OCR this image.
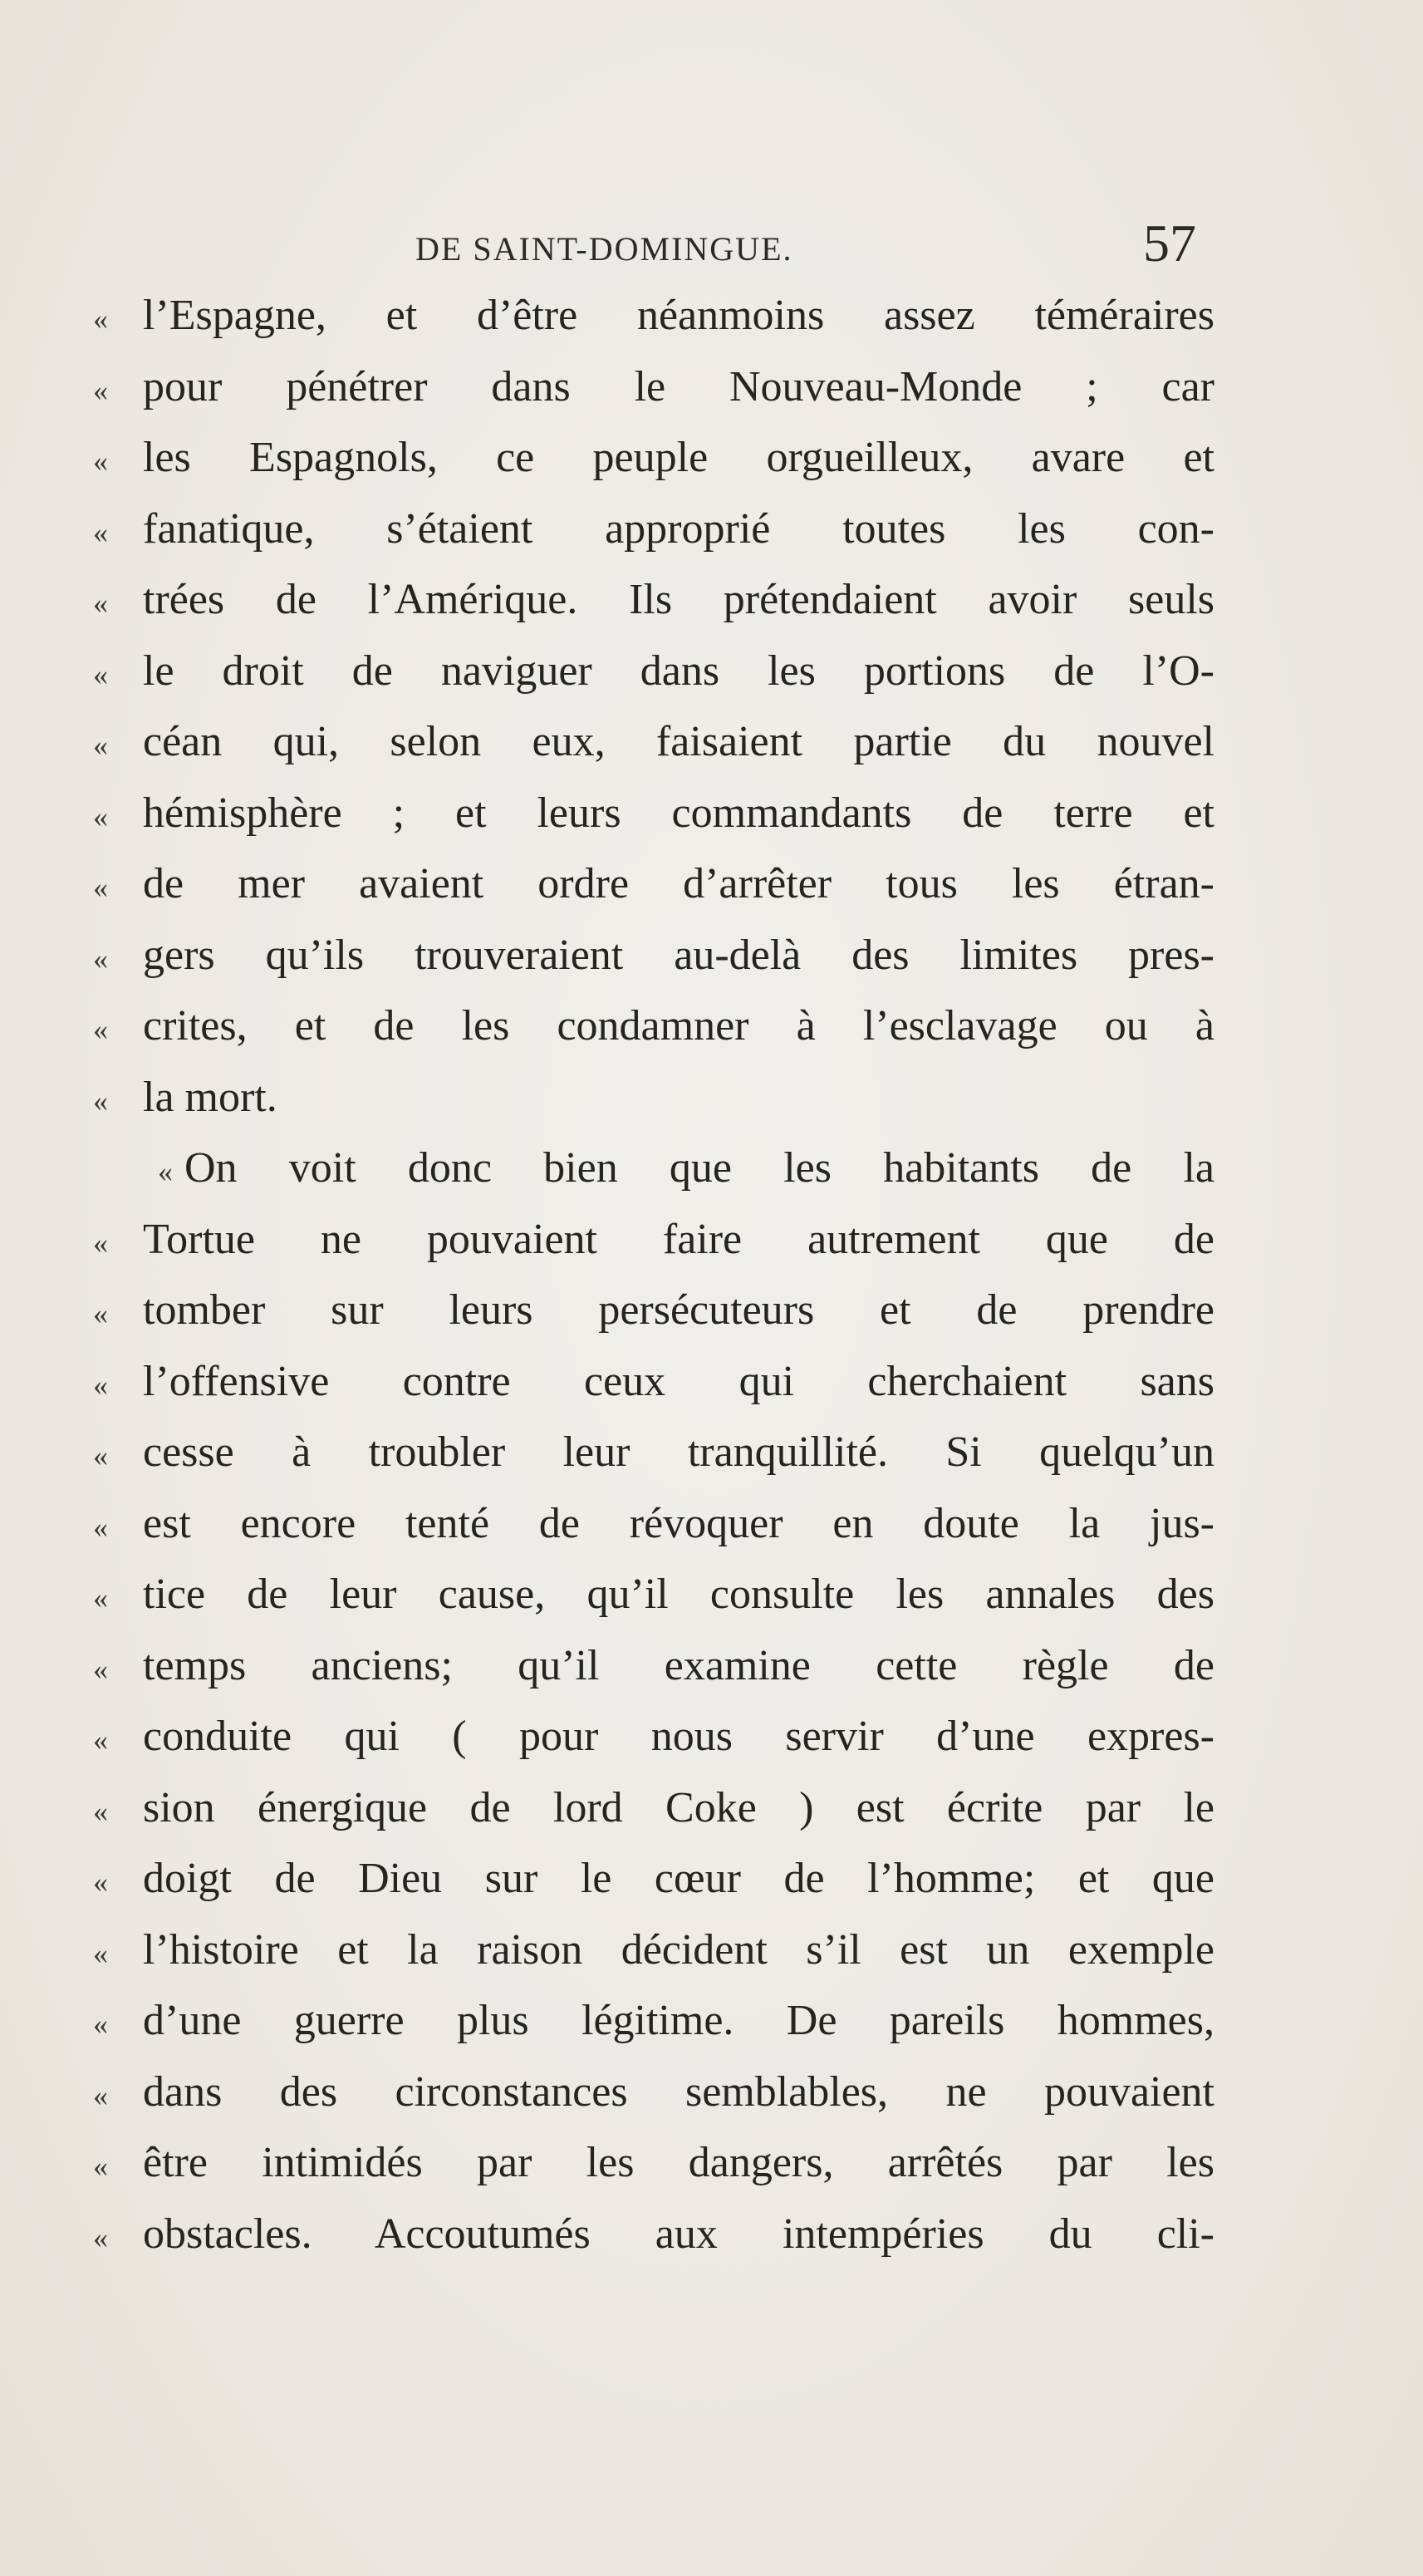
DE SAINT-DOMINGUE.	57
« l’Espagne, et d’être néanmoins assez téméraires
« pour pénétrer dans le Nouveau-Monde ; car
« les Espagnols, ce peuple orgueilleux, avare et
« fanatique, s’étaient approprié toutes les con-
« trées de l’Amérique. Ils prétendaient avoir seuls
« le droit de naviguer dans les portions de l’O-
« céan qui, selon eux, faisaient partie du nouvel
« hémisphère ; et leurs commandants de terre et
« de mer avaient ordre d’arrêter tous les étran-
« gers qu’ils trouveraient au-delà des limites pres-
« crites, et de les condamner à l’esclavage ou à
« la mort.
« On voit donc bien que les habitants de la
« Tortue ne pouvaient faire autrement que de
« tomber sur leurs persécuteurs et de prendre
« l’offensive contre ceux qui cherchaient sans
« cesse à troubler leur tranquillité. Si quelqu’un
« est encore tenté de révoquer en doute la jus-
« tice de leur cause, qu’il consulte les annales des
« temps anciens; qu’il examine cette règle de
« conduite qui ( pour nous servir d’une expres-
« sion énergique de lord Coke ) est écrite par le
« doigt de Dieu sur le cœur de l’homme; et que
« l’histoire et la raison décident s’il est un exemple
« d’une guerre plus légitime. De pareils hommes,
« dans des circonstances semblables, ne pouvaient
« être intimidés par les dangers, arrêtés par les
« obstacles. Accoutumés aux intempéries du cli-
